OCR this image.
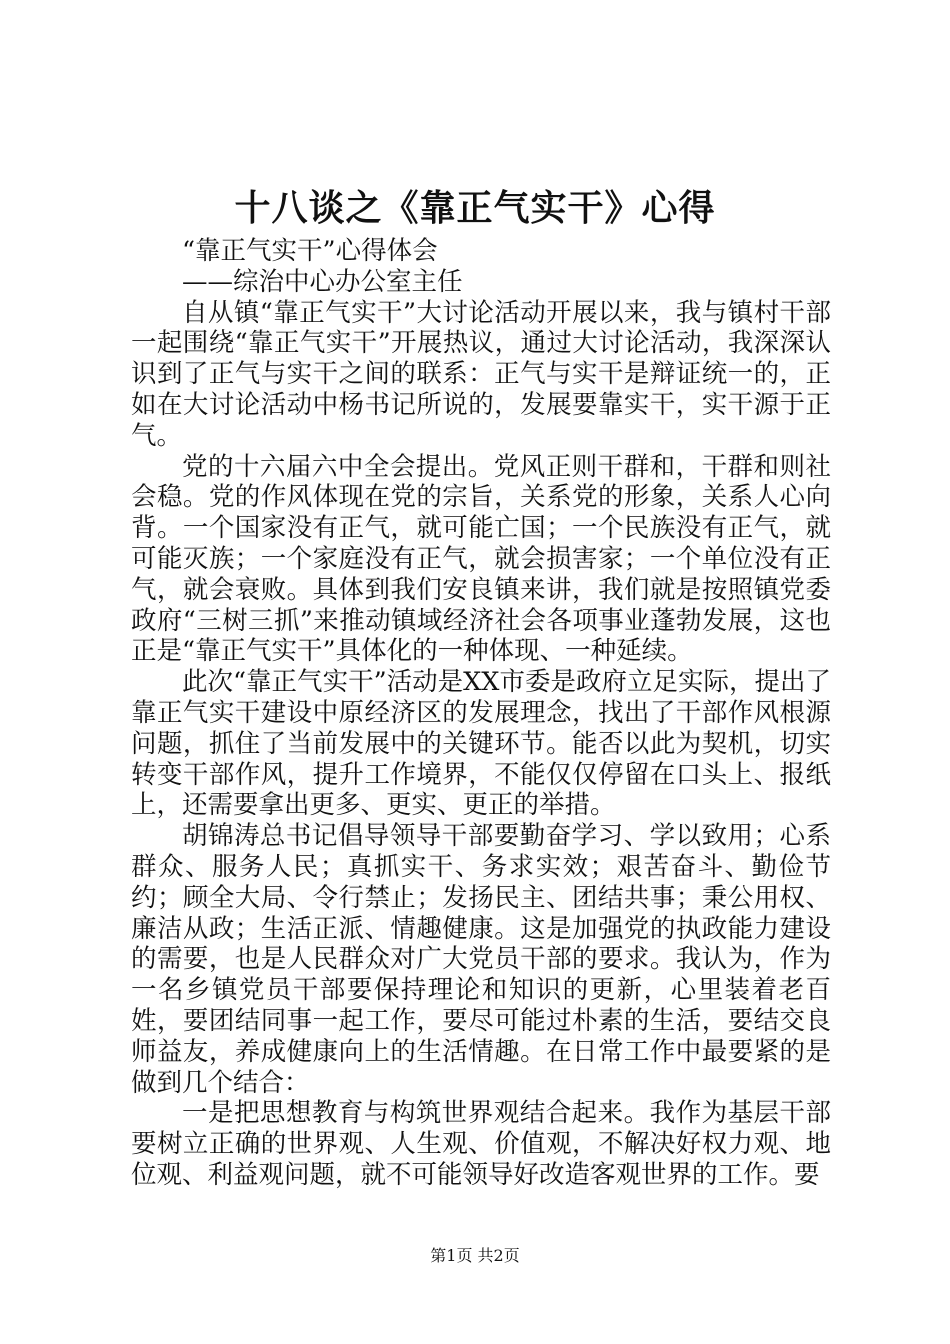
十八谈之《靠正气实干》心得

“靠正气实干”心得体会

——综治中心办公室主任

自从镇“靠正气实干”大讨论活动开展以来，我与镇村干部一起围绕“靠正气实干”开展热议，通过大讨论活动，我深深认识到了正气与实干之间的联系：正气与实干是辩证统一的，正如在大讨论活动中杨书记所说的，发展要靠实干，实干源于正气。

党的十六届六中全会提出。党风正则干群和，干群和则社会稳。党的作风体现在党的宗旨，关系党的形象，关系人心向背。一个国家没有正气，就可能亡国；一个民族没有正气，就可能灭族；一个家庭没有正气，就会损害家；一个单位没有正气，就会衰败。具体到我们安良镇来讲，我们就是按照镇党委政府“三树三抓”来推动镇域经济社会各项事业蓬勃发展，这也正是“靠正气实干”具体化的一种体现、一种延续。

此次“靠正气实干”活动是XX市委是政府立足实际，提出了靠正气实干建设中原经济区的发展理念，找出了干部作风根源问题，抓住了当前发展中的关键环节。能否以此为契机，切实转变干部作风，提升工作境界，不能仅仅停留在口头上、报纸上，还需要拿出更多、更实、更正的举措。

胡锦涛总书记倡导领导干部要勤奋学习、学以致用；心系群众、服务人民；真抓实干、务求实效；艰苦奋斗、勤俭节约；顾全大局、令行禁止；发扬民主、团结共事；秉公用权、廉洁从政；生活正派、情趣健康。这是加强党的执政能力建设的需要，也是人民群众对广大党员干部的要求。我认为，作为一名乡镇党员干部要保持理论和知识的更新，心里装着老百姓，要团结同事一起工作，要尽可能过朴素的生活，要结交良师益友，养成健康向上的生活情趣。在日常工作中最要紧的是做到几个结合：

一是把思想教育与构筑世界观结合起来。我作为基层干部要树立正确的世界观、人生观、价值观，不解决好权力观、地位观、利益观问题，就不可能领导好改造客观世界的工作。要

第1页 共2页
